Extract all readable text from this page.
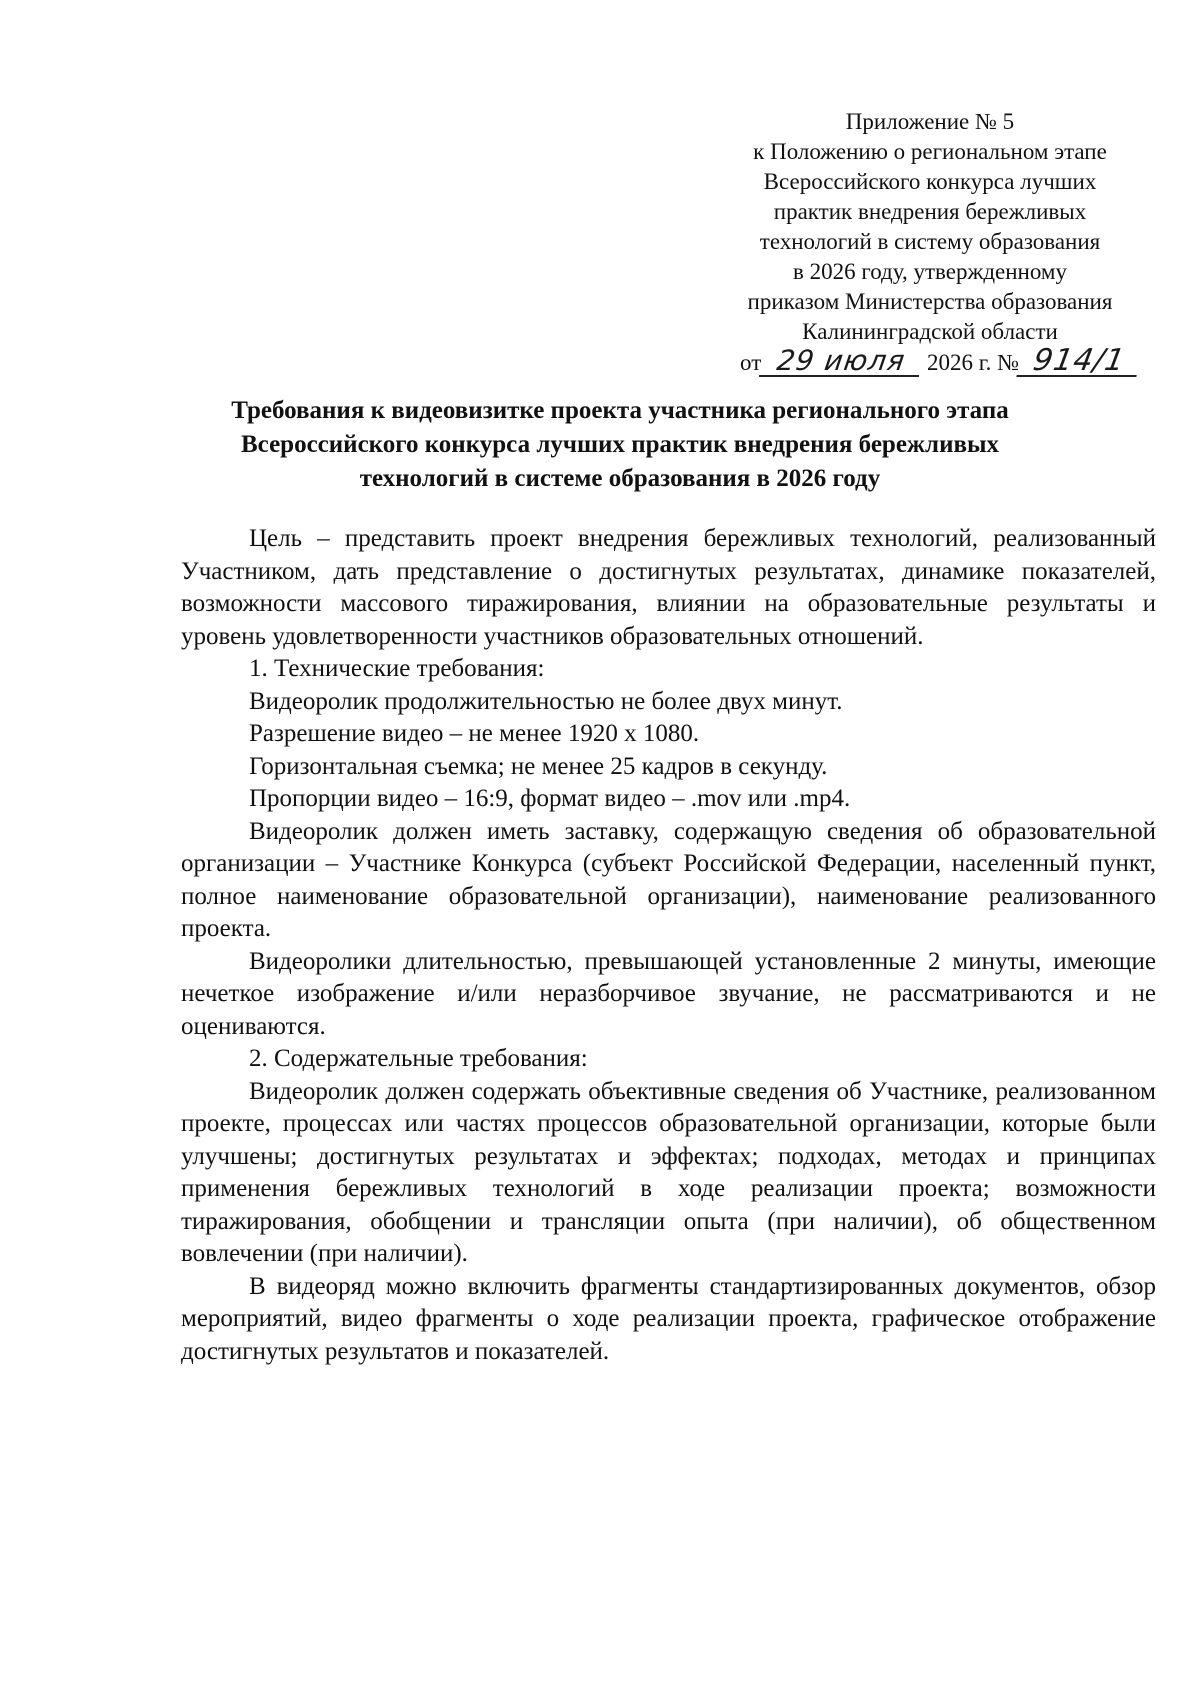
Приложение № 5
к Положению о региональном этапе
Всероссийского конкурса лучших
практик внедрения бережливых
технологий в систему образования
в 2026 году, утвержденному
приказом Министерства образования
Калининградской области
от 29 июля 2026 г. № 914/1
Требования к видеовизитке проекта участника регионального этапа
Всероссийского конкурса лучших практик внедрения бережливых
технологий в системе образования в 2026 году

Цель – представить проект внедрения бережливых технологий, реализованный Участником, дать представление о достигнутых результатах, динамике показателей, возможности массового тиражирования, влиянии на образовательные результаты и уровень удовлетворенности участников образовательных отношений.

1. Технические требования:

Видеоролик продолжительностью не более двух минут.

Разрешение видео – не менее 1920 x 1080.

Горизонтальная съемка; не менее 25 кадров в секунду.

Пропорции видео – 16:9, формат видео – .mov или .mp4.

Видеоролик должен иметь заставку, содержащую сведения об образовательной организации – Участнике Конкурса (субъект Российской Федерации, населенный пункт, полное наименование образовательной организации), наименование реализованного проекта.

Видеоролики длительностью, превышающей установленные 2 минуты, имеющие нечеткое изображение и/или неразборчивое звучание, не рассматриваются и не оцениваются.

2. Содержательные требования:

Видеоролик должен содержать объективные сведения об Участнике, реализованном проекте, процессах или частях процессов образовательной организации, которые были улучшены; достигнутых результатах и эффектах; подходах, методах и принципах применения бережливых технологий в ходе реализации проекта; возможности тиражирования, обобщении и трансляции опыта (при наличии), об общественном вовлечении (при наличии).

В видеоряд можно включить фрагменты стандартизированных документов, обзор мероприятий, видео фрагменты о ходе реализации проекта, графическое отображение достигнутых результатов и показателей.
